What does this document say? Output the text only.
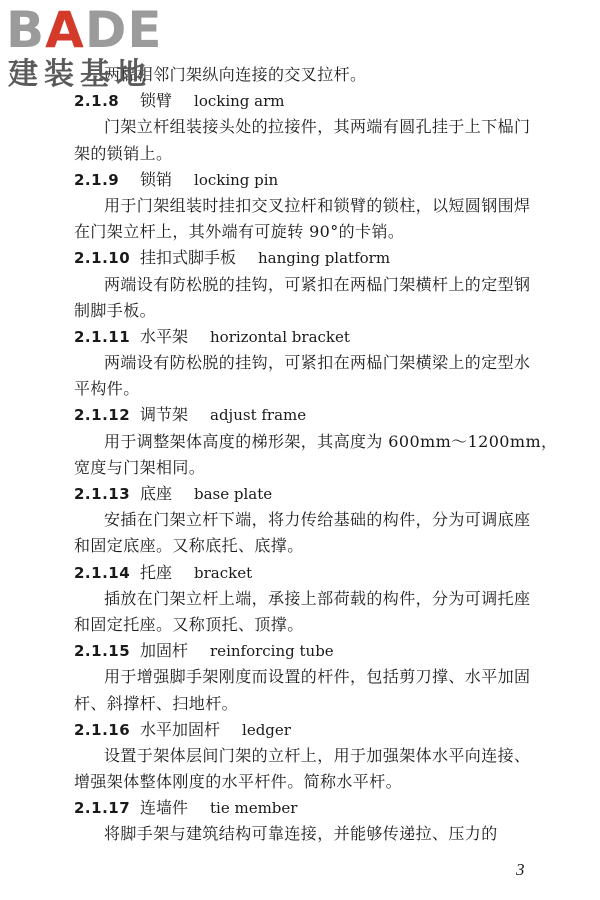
BADE
建装基地
两榀相邻门架纵向连接的交叉拉杆。
2.1.8 锁臂 locking arm
门架立杆组装接头处的拉接件，其两端有圆孔挂于上下榀门
架的锁销上。
2.1.9 锁销 locking pin
用于门架组装时挂扣交叉拉杆和锁臂的锁柱，以短圆钢围焊
在门架立杆上，其外端有可旋转 90°的卡销。
2.1.10 挂扣式脚手板 hanging platform
两端设有防松脱的挂钩，可紧扣在两榀门架横杆上的定型钢
制脚手板。
2.1.11 水平架 horizontal bracket
两端设有防松脱的挂钩，可紧扣在两榀门架横梁上的定型水
平构件。
2.1.12 调节架 adjust frame
用于调整架体高度的梯形架，其高度为 600mm～1200mm，
宽度与门架相同。
2.1.13 底座 base plate
安插在门架立杆下端，将力传给基础的构件，分为可调底座
和固定底座。又称底托、底撑。
2.1.14 托座 bracket
插放在门架立杆上端，承接上部荷载的构件，分为可调托座
和固定托座。又称顶托、顶撑。
2.1.15 加固杆 reinforcing tube
用于增强脚手架刚度而设置的杆件，包括剪刀撑、水平加固
杆、斜撑杆、扫地杆。
2.1.16 水平加固杆 ledger
设置于架体层间门架的立杆上，用于加强架体水平向连接、
增强架体整体刚度的水平杆件。简称水平杆。
2.1.17 连墙件 tie member
将脚手架与建筑结构可靠连接，并能够传递拉、压力的
3
